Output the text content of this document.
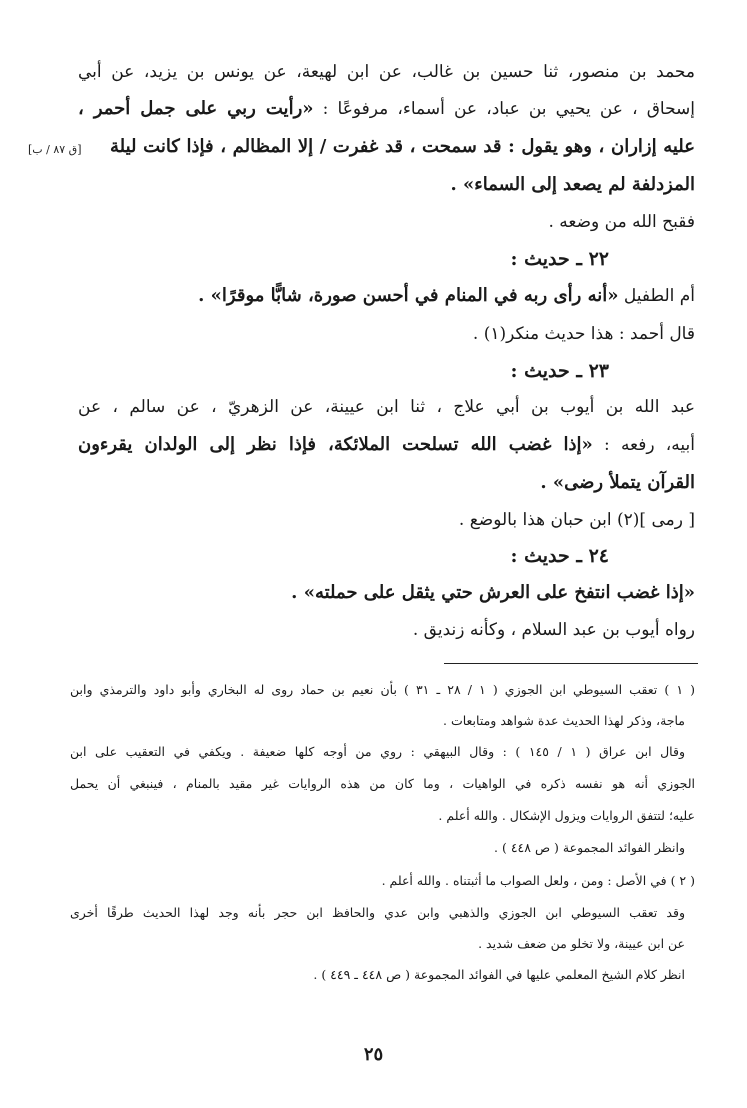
محمد بن منصور، ثنا حسين بن غالب، عن ابن لهيعة، عن يونس بن يزيد، عن أبي
إسحاق ، عن يحيي بن عباد، عن أسماء، مرفوعًا : «رأيت ربي على جمل أحمر ،
عليه إزاران ، وهو يقول : قد سمحت ، قد غفرت / إلا المظالم ، فإذا كانت ليلة
[ق ٨٧ / ب]
المزدلفة لم يصعد إلى السماء» .
فقبح الله من وضعه .
٢٢ ـ حديث :
أم الطفيل «أنه رأى ربه في المنام في أحسن صورة، شابًّا موقرًا» .
قال أحمد : هذا حديث منكر(١) .
٢٣ ـ حديث :
عبد الله بن أيوب بن أبي علاج ، ثنا ابن عيينة، عن الزهريّ ، عن سالم ، عن
أبيه، رفعه : «إذا غضب الله تسلحت الملائكة، فإذا نظر إلى الولدان يقرءون
القرآن يتملأ رضى» .
[ رمى ](٢) ابن حبان هذا بالوضع .
٢٤ ـ حديث :
«إذا غضب انتفخ على العرش حتي يثقل على حملته» .
رواه أيوب بن عبد السلام ، وكأنه زنديق .
( ١ ) تعقب السيوطي ابن الجوزي ( ١ / ٢٨ ـ ٣١ ) بأن نعيم بن حماد روى له البخاري وأبو داود والترمذي وابن
ماجة، وذكر لهذا الحديث عدة شواهد ومتابعات .
وقال ابن عراق ( ١ / ١٤٥ ) : وقال البيهقي : روي من أوجه كلها ضعيفة . ويكفي في التعقيب على ابن
الجوزي أنه هو نفسه ذكره في الواهيات ، وما كان من هذه الروايات غير مقيد بالمنام ، فينبغي أن يحمل
عليه؛ لتتفق الروايات ويزول الإشكال . والله أعلم .
وانظر الفوائد المجموعة ( ص ٤٤٨ ) .
( ٢ ) في الأصل : ومن ، ولعل الصواب ما أثبتناه . والله أعلم .
وقد تعقب السيوطي ابن الجوزي والذهبي وابن عدي والحافظ ابن حجر بأنه وجد لهذا الحديث طرقًا أخرى
عن ابن عيينة، ولا تخلو من ضعف شديد .
انظر كلام الشيخ المعلمي عليها في الفوائد المجموعة ( ص ٤٤٨ ـ ٤٤٩ ) .
٢٥
